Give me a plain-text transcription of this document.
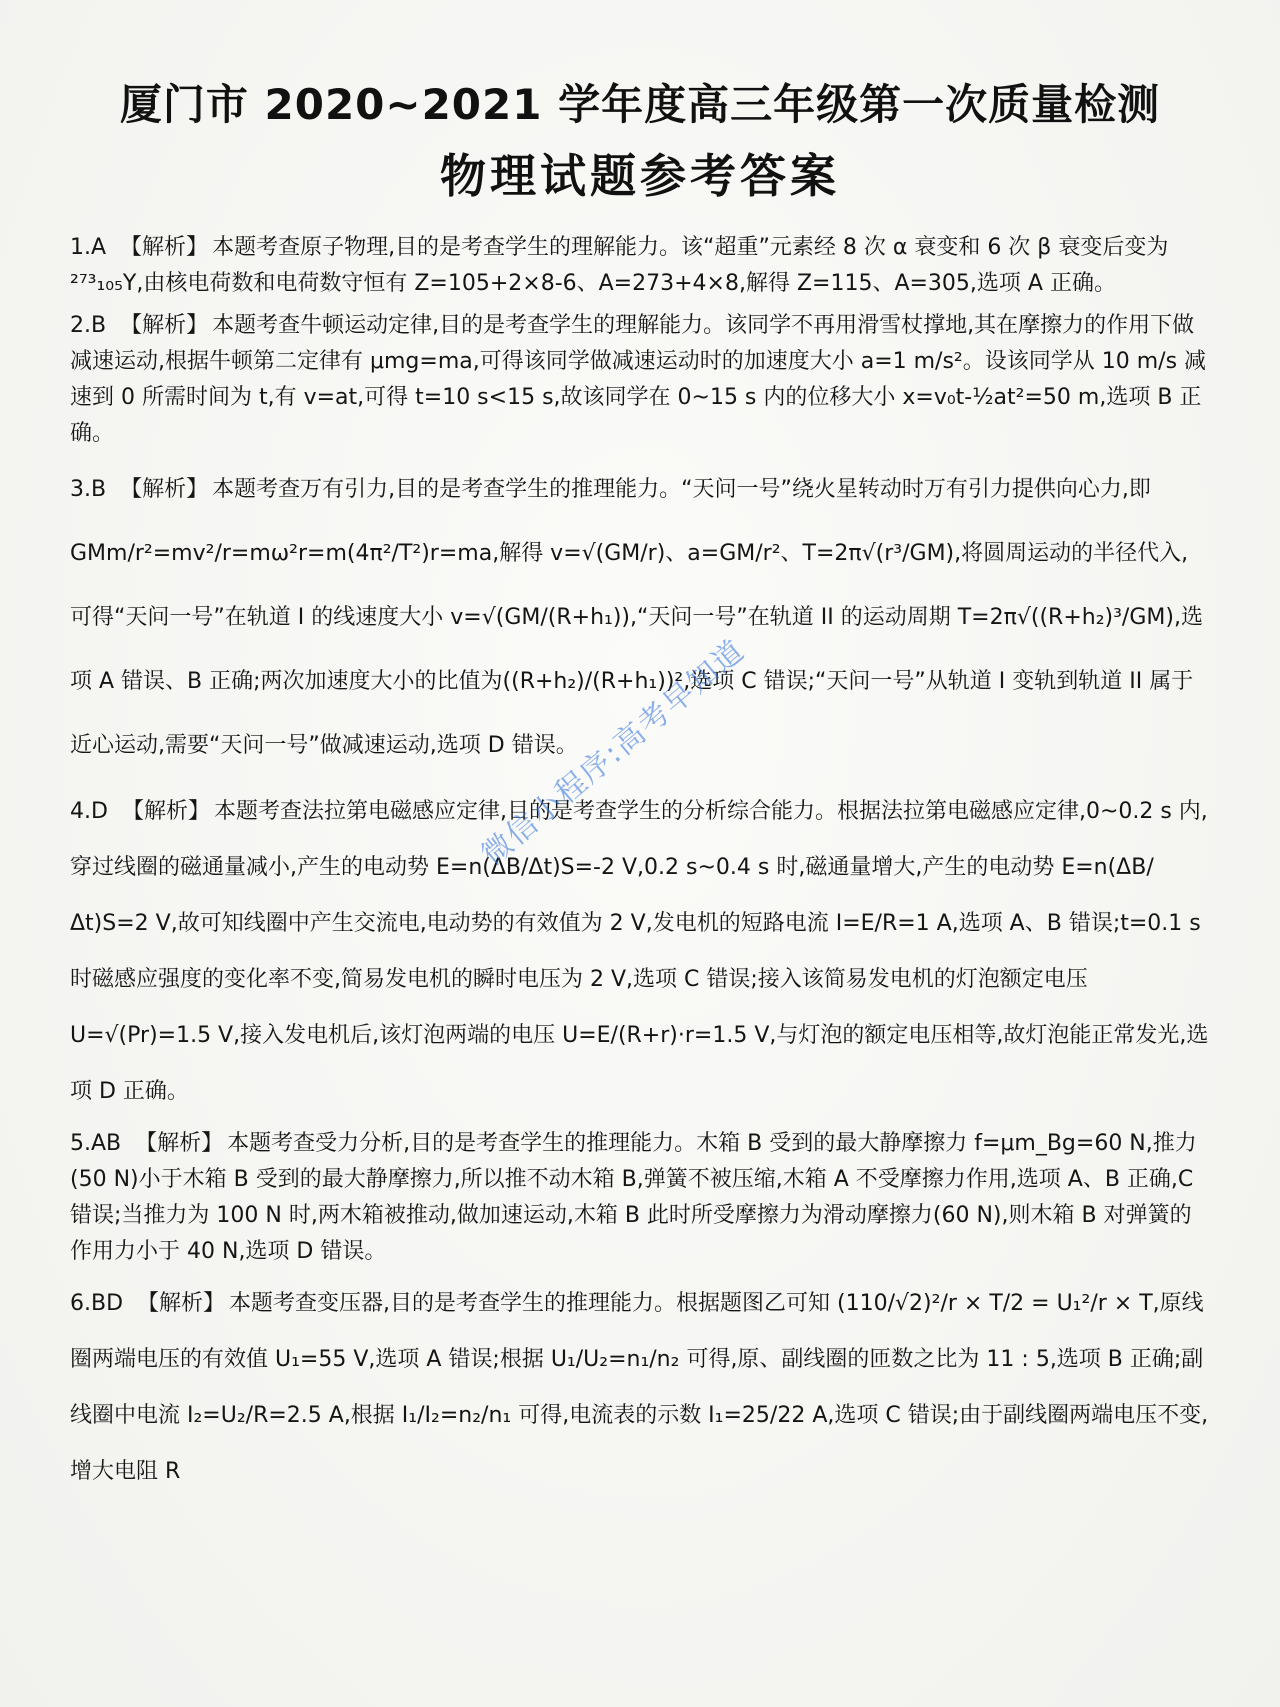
厦门市 2020~2021 学年度高三年级第一次质量检测
物理试题参考答案
1.A 【解析】 本题考查原子物理,目的是考查学生的理解能力。该“超重”元素经 8 次 α 衰变和 6 次 β 衰变后变为 ²⁷³₁₀₅Y,由核电荷数和电荷数守恒有 Z=105+2×8-6、A=273+4×8,解得 Z=115、A=305,选项 A 正确。
2.B 【解析】 本题考查牛顿运动定律,目的是考查学生的理解能力。该同学不再用滑雪杖撑地,其在摩擦力的作用下做减速运动,根据牛顿第二定律有 μmg=ma,可得该同学做减速运动时的加速度大小 a=1 m/s²。设该同学从 10 m/s 减速到 0 所需时间为 t,有 v=at,可得 t=10 s<15 s,故该同学在 0~15 s 内的位移大小 x=v₀t-½at²=50 m,选项 B 正确。
3.B 【解析】 本题考查万有引力,目的是考查学生的推理能力。“天问一号”绕火星转动时万有引力提供向心力,即 GMm/r²=mv²/r=mω²r=m(4π²/T²)r=ma,解得 v=√(GM/r)、a=GM/r²、T=2π√(r³/GM),将圆周运动的半径代入,可得“天问一号”在轨道 I 的线速度大小 v=√(GM/(R+h₁)),“天问一号”在轨道 II 的运动周期 T=2π√((R+h₂)³/GM),选项 A 错误、B 正确;两次加速度大小的比值为((R+h₂)/(R+h₁))²,选项 C 错误;“天问一号”从轨道 I 变轨到轨道 II 属于近心运动,需要“天问一号”做减速运动,选项 D 错误。
4.D 【解析】 本题考查法拉第电磁感应定律,目的是考查学生的分析综合能力。根据法拉第电磁感应定律,0~0.2 s 内,穿过线圈的磁通量减小,产生的电动势 E=n(ΔB/Δt)S=-2 V,0.2 s~0.4 s 时,磁通量增大,产生的电动势 E=n(ΔB/Δt)S=2 V,故可知线圈中产生交流电,电动势的有效值为 2 V,发电机的短路电流 I=E/R=1 A,选项 A、B 错误;t=0.1 s 时磁感应强度的变化率不变,简易发电机的瞬时电压为 2 V,选项 C 错误;接入该简易发电机的灯泡额定电压 U=√(Pr)=1.5 V,接入发电机后,该灯泡两端的电压 U=E/(R+r)·r=1.5 V,与灯泡的额定电压相等,故灯泡能正常发光,选项 D 正确。
5.AB 【解析】 本题考查受力分析,目的是考查学生的推理能力。木箱 B 受到的最大静摩擦力 f=μm_Bg=60 N,推力(50 N)小于木箱 B 受到的最大静摩擦力,所以推不动木箱 B,弹簧不被压缩,木箱 A 不受摩擦力作用,选项 A、B 正确,C 错误;当推力为 100 N 时,两木箱被推动,做加速运动,木箱 B 此时所受摩擦力为滑动摩擦力(60 N),则木箱 B 对弹簧的作用力小于 40 N,选项 D 错误。
6.BD 【解析】 本题考查变压器,目的是考查学生的推理能力。根据题图乙可知 (110/√2)²/r × T/2 = U₁²/r × T,原线圈两端电压的有效值 U₁=55 V,选项 A 错误;根据 U₁/U₂=n₁/n₂ 可得,原、副线圈的匝数之比为 11 : 5,选项 B 正确;副线圈中电流 I₂=U₂/R=2.5 A,根据 I₁/I₂=n₂/n₁ 可得,电流表的示数 I₁=25/22 A,选项 C 错误;由于副线圈两端电压不变,增大电阻 R
微信小程序:高考早知道
